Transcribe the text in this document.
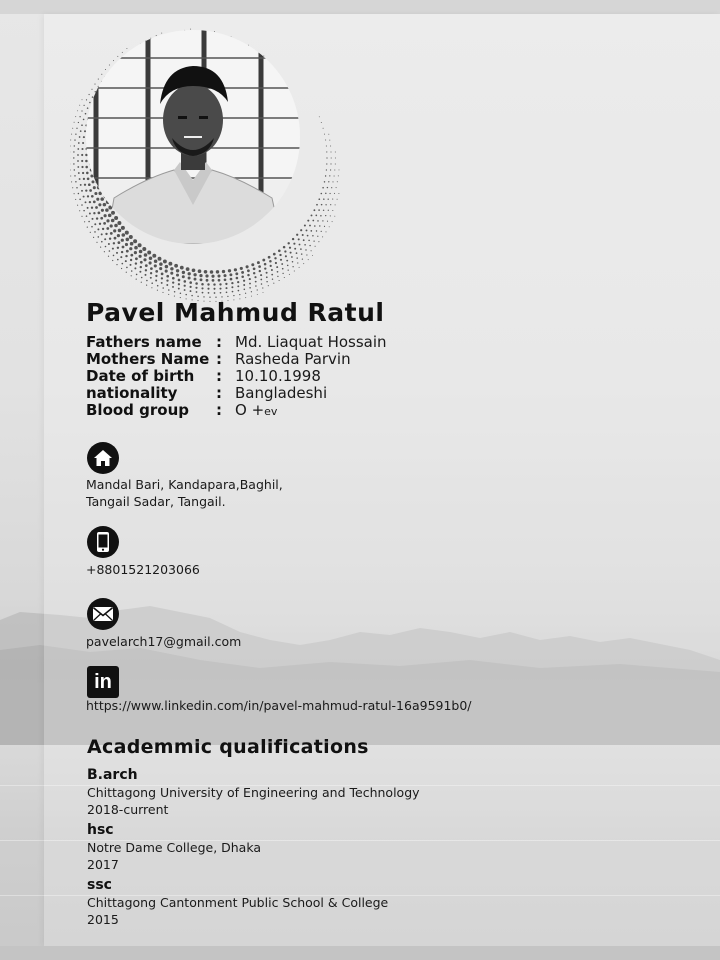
Pavel Mahmud Ratul
Fathers name : Md. Liaquat Hossain
Mothers Name : Rasheda Parvin
Date of birth : 10.10.1998
nationality	: Bangladeshi
Blood group : O +ev

Mandal Bari, Kandapara,Baghil,
Tangail Sadar, Tangail.

+8801521203066

pavelarch17@gmail.com

in

https://www.linkedin.com/in/pavel-mahmud-ratul-16a9591b0/

Academmic qualifications
B.arch
Chittagong University of Engineering and Technology
2018-current
hsc
Notre Dame College, Dhaka
2017
ssc
Chittagong Cantonment Public School & College
2015
